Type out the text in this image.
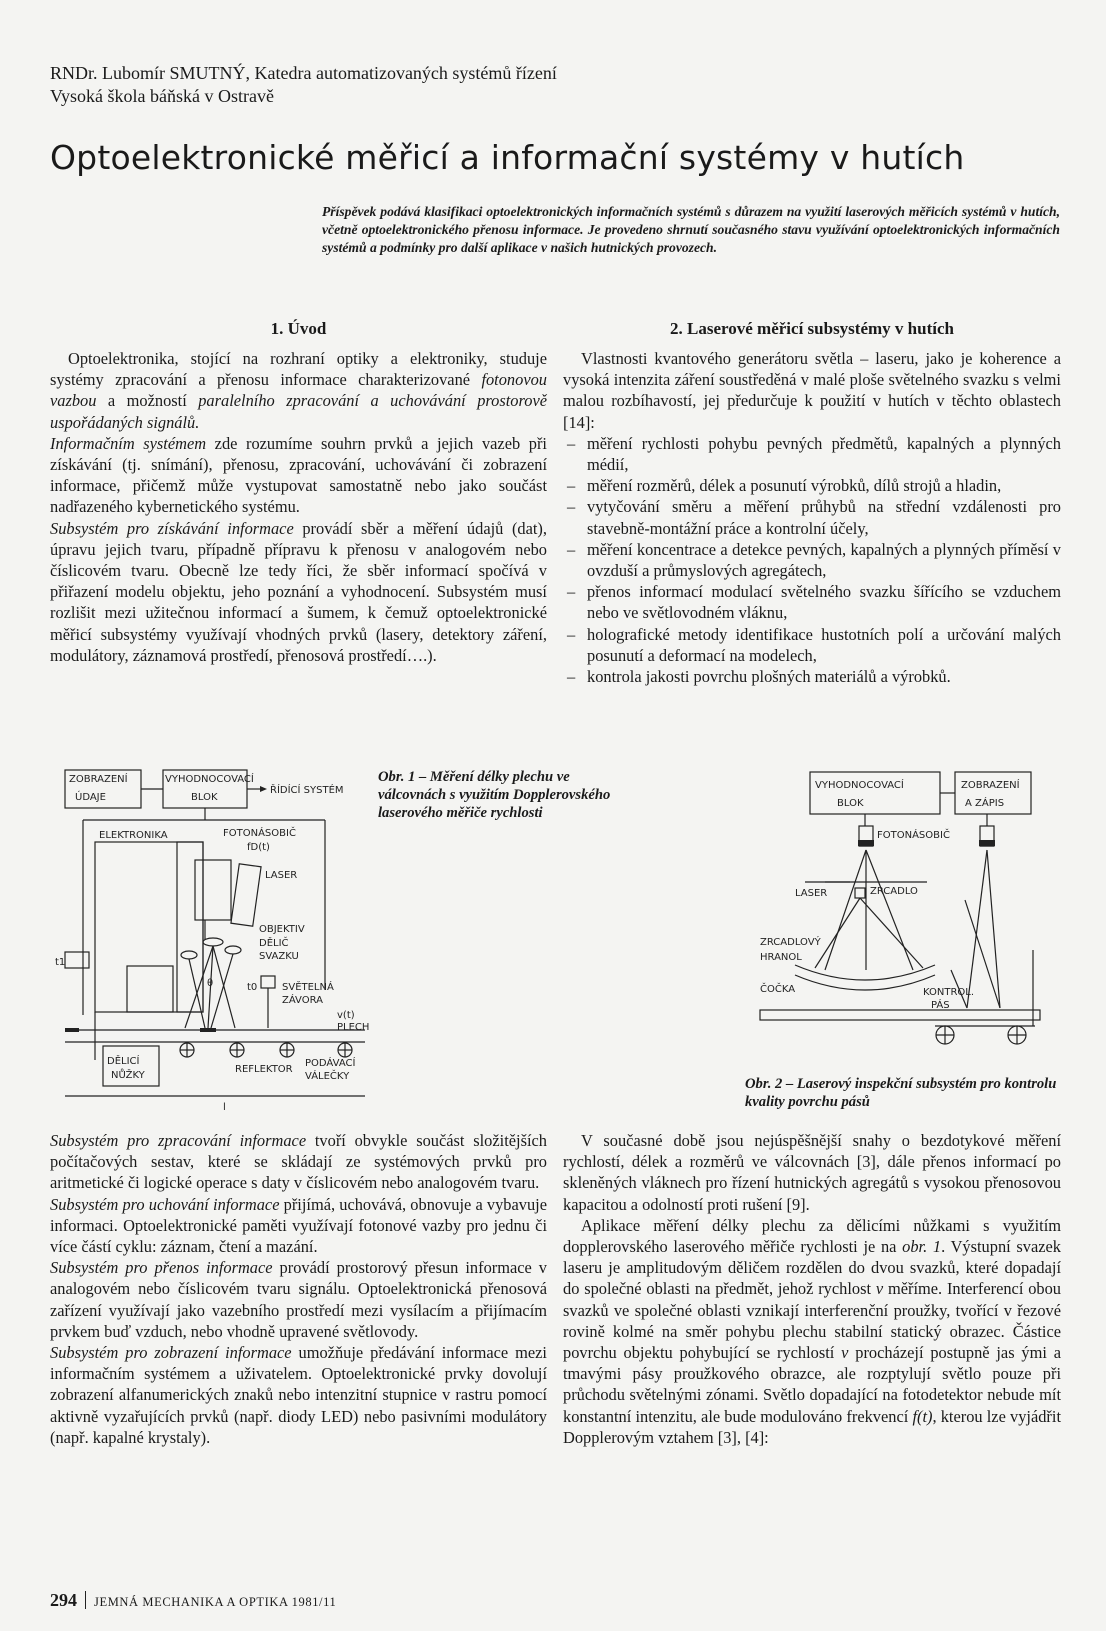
RNDr. Lubomír SMUTNÝ, Katedra automatizovaných systémů řízení
Vysoká škola báňská v Ostravě
Optoelektronické měřicí a informační systémy v hutích
Příspěvek podává klasifikaci optoelektronických informačních systémů s důrazem na využití laserových měřicích systémů v hutích, včetně optoelektronického přenosu informace. Je provedeno shrnutí současného stavu využívání optoelektronických informačních systémů a podmínky pro další aplikace v našich hutnických provozech.
1. Úvod

Optoelektronika, stojící na rozhraní optiky a elektroniky, studuje systémy zpracování a přenosu informace charakterizované fotonovou vazbou a možností paralelního zpracování a uchovávání prostorově uspořádaných signálů.

Informačním systémem zde rozumíme souhrn prvků a jejich vazeb při získávání (tj. snímání), přenosu, zpracování, uchovávání či zobrazení informace, přičemž může vystupovat samostatně nebo jako součást nadřazeného kybernetického systému.

Subsystém pro získávání informace provádí sběr a měření údajů (dat), úpravu jejich tvaru, případně přípravu k přenosu v analogovém nebo číslicovém tvaru. Obecně lze tedy říci, že sběr informací spočívá v přiřazení modelu objektu, jeho poznání a vyhodnocení. Subsystém musí rozlišit mezi užitečnou informací a šumem, k čemuž optoelektronické měřicí subsystémy využívají vhodných prvků (lasery, detektory záření, modulátory, záznamová prostředí, přenosová prostředí….).

2. Laserové měřicí subsystémy v hutích

Vlastnosti kvantového generátoru světla – laseru, jako je koherence a vysoká intenzita záření soustředěná v malé ploše světelného svazku s velmi malou rozbíhavostí, jej předurčuje k použití v hutích v těchto oblastech [14]:

– měření rychlosti pohybu pevných předmětů, kapalných a plynných médií,
– měření rozměrů, délek a posunutí výrobků, dílů strojů a hladin,
– vytyčování směru a měření průhybů na střední vzdálenosti pro stavebně-montážní práce a kontrolní účely,
– měření koncentrace a detekce pevných, kapalných a plynných příměsí v ovzduší a průmyslových agregátech,
– přenos informací modulací světelného svazku šířícího se vzduchem nebo ve světlovodném vláknu,
– holografické metody identifikace hustotních polí a určování malých posunutí a deformací na modelech,
– kontrola jakosti povrchu plošných materiálů a výrobků.
ZOBRAZENÍ
ÚDAJE
VYHODNOCOVACÍ
BLOK
ŘÍDÍCÍ SYSTÉM
ELEKTRONIKA	FOTONÁSOBIČ
fD(t)
LASER
OBJEKTIV
DĚLIČ
SVAZKU
SVĚTELNÁ
ZÁVORA
t0
t1
θ
v(t)
PLECH
DĚLICÍ
NŮŽKY
REFLEKTOR
PODÁVACÍ
VÁLEČKY
l
Obr. 1 – Měření délky plechu ve válcovnách s využitím Dopplerovského laserového měřiče rychlosti
VYHODNOCOVACÍ
BLOK
ZOBRAZENÍ
A ZÁPIS
FOTONÁSOBIČ
LASER	ZRCADLO
ZRCADLOVÝ
HRANOL
ČOČKA	KONTROL.
PÁS
Obr. 2 – Laserový inspekční subsystém pro kontrolu kvality povrchu pásů

Subsystém pro zpracování informace tvoří obvykle součást složitějších počítačových sestav, které se skládají ze systémových prvků pro aritmetické či logické operace s daty v číslicovém nebo analogovém tvaru.

Subsystém pro uchování informace přijímá, uchovává, obnovuje a vybavuje informaci. Optoelektronické paměti využívají fotonové vazby pro jednu či více částí cyklu: záznam, čtení a mazání.

Subsystém pro přenos informace provádí prostorový přesun informace v analogovém nebo číslicovém tvaru signálu. Optoelektronická přenosová zařízení využívají jako vazebního prostředí mezi vysílacím a přijímacím prvkem buď vzduch, nebo vhodně upravené světlovody.

Subsystém pro zobrazení informace umožňuje předávání informace mezi informačním systémem a uživatelem. Optoelektronické prvky dovolují zobrazení alfanumerických znaků nebo intenzitní stupnice v rastru pomocí aktivně vyzařujících prvků (např. diody LED) nebo pasivními modulátory (např. kapalné krystaly).

V současné době jsou nejúspěšnější snahy o bezdotykové měření rychlostí, délek a rozměrů ve válcovnách [3], dále přenos informací po skleněných vláknech pro řízení hutnických agregátů s vysokou přenosovou kapacitou a odolností proti rušení [9].

Aplikace měření délky plechu za dělicími nůžkami s využitím dopplerovského laserového měřiče rychlosti je na obr. 1. Výstupní svazek laseru je amplitudovým děličem rozdělen do dvou svazků, které dopadají do společné oblasti na předmět, jehož rychlost v měříme. Interferencí obou svazků ve společné oblasti vznikají interferenční proužky, tvořící v řezové rovině kolmé na směr pohybu plechu stabilní statický obrazec. Částice povrchu objektu pohybující se rychlostí v procházejí postupně jas ými a tmavými pásy proužkového obrazce, ale rozptylují světlo pouze při průchodu světelnými zónami. Světlo dopadající na fotodetektor nebude mít konstantní intenzitu, ale bude modulováno frekvencí f(t), kterou lze vyjádřit Dopplerovým vztahem [3], [4]:

294 JEMNÁ MECHANIKA A OPTIKA 1981/11
